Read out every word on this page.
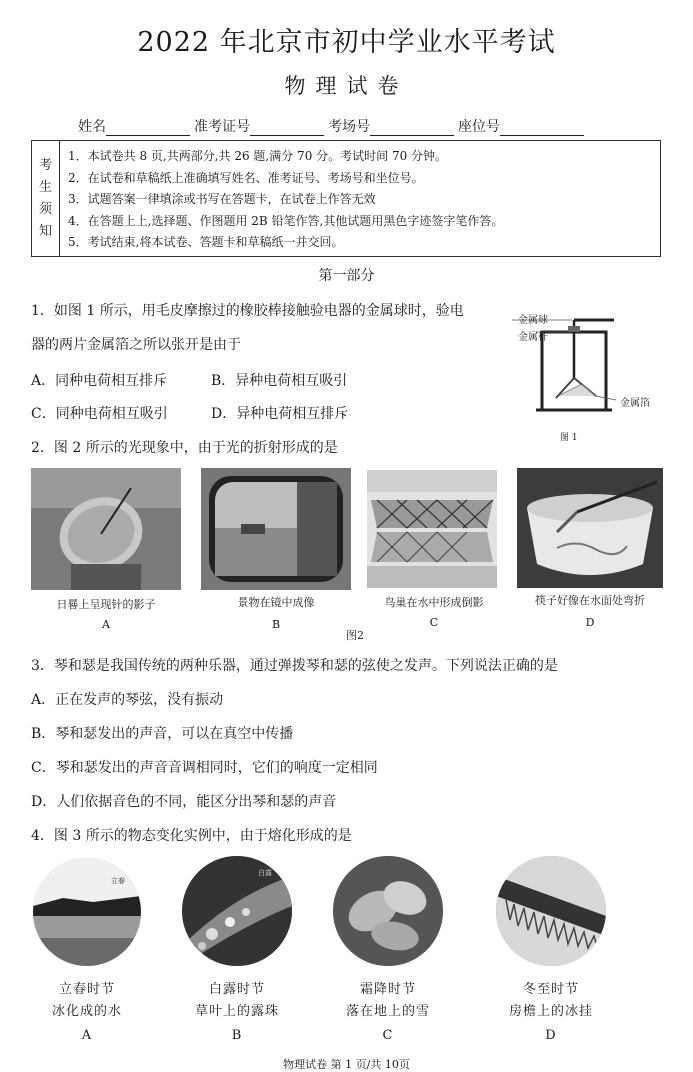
2022 年北京市初中学业水平考试
物理试卷
姓名	准考证号	考场号	座位号
考
生
须
知
1．本试卷共 8 页,共两部分,共 26 题,满分 70 分。考试时间 70 分钟。
2．在试卷和草稿纸上准确填写姓名、准考证号、考场号和坐位号。
3．试题答案一律填涂或书写在答题卡，在试卷上作答无效
4．在答题上上,选择题、作图题用 2B 铅笔作答,其他试题用黑色字迹签字笔作答。
5．考试结束,将本试卷、答题卡和草稿纸一并交回。
第一部分
1．如图 1 所示，用毛皮摩擦过的橡胶棒接触验电器的金属球时，验电
器的两片金属箔之所以张开是由于
A．同种电荷相互排斥	B．异种电荷相互吸引
C．同种电荷相互吸引	D．异种电荷相互排斥
金属球
金属杆
金属箔
图 1
2．图 2 所示的光现象中，由于光的折射形成的是
日晷上呈现针的影子
A
景物在镜中成像
B
鸟巢在水中形成倒影
C
筷子好像在水面处弯折
D
图2
3．琴和瑟是我国传统的两种乐器，通过弹拨琴和瑟的弦使之发声。下列说法正确的是
A．正在发声的琴弦，没有振动
B．琴和瑟发出的声音，可以在真空中传播
C．琴和瑟发出的声音音调相同时，它们的响度一定相同
D．人们依据音色的不同，能区分出琴和瑟的声音
4．图 3 所示的物态变化实例中，由于熔化形成的是
立春
立春时节
冰化成的水
A
白露
白露时节
草叶上的露珠
B
霜降时节
落在地上的雪
C
冬至时节
房檐上的冰挂
D
物理试卷 第 1 页/共 10页
